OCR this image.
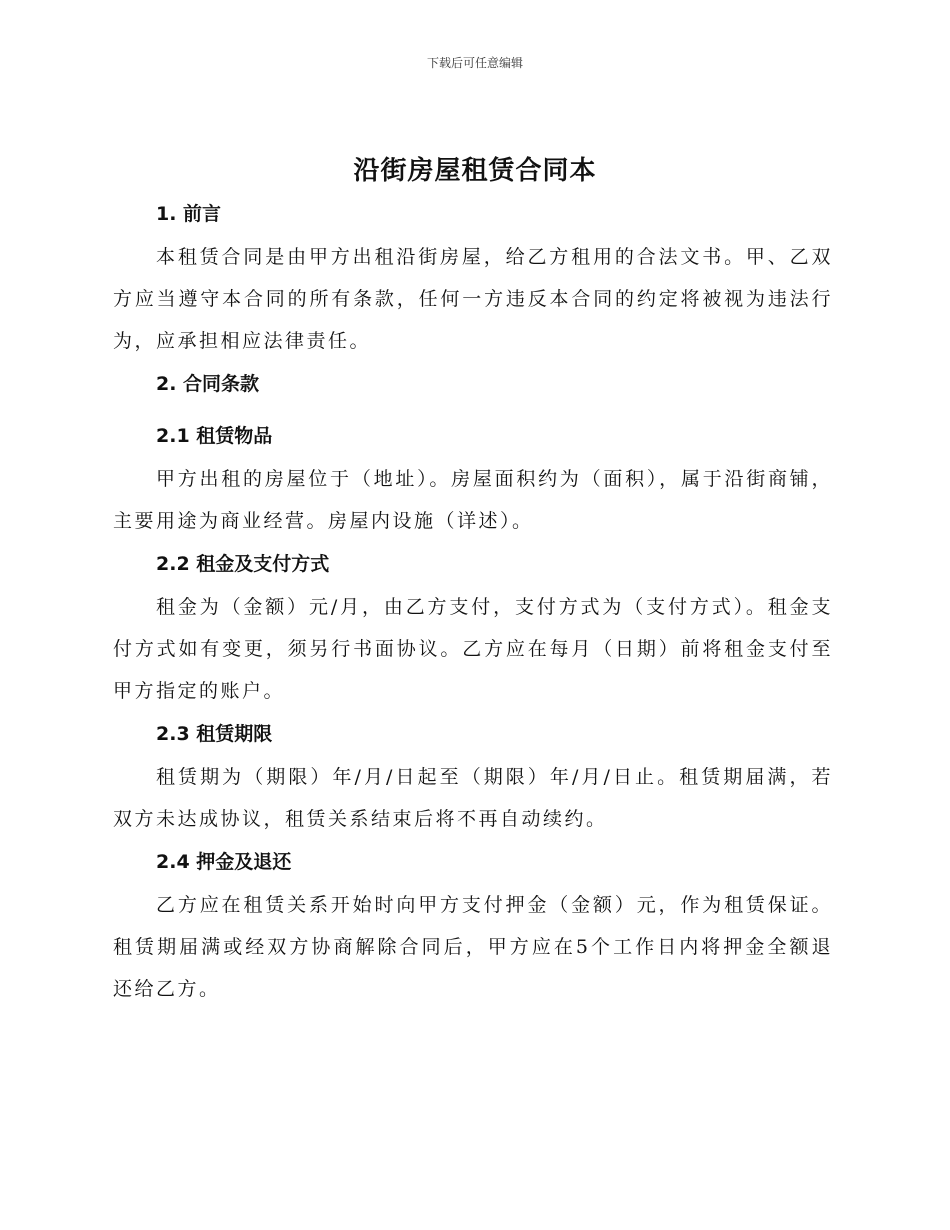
下载后可任意编辑
沿街房屋租赁合同本
1. 前言

本租赁合同是由甲方出租沿街房屋，给乙方租用的合法文书。甲、乙双方应当遵守本合同的所有条款，任何一方违反本合同的约定将被视为违法行为，应承担相应法律责任。

2. 合同条款
2.1 租赁物品

甲方出租的房屋位于（地址）。房屋面积约为（面积），属于沿街商铺，主要用途为商业经营。房屋内设施（详述）。

2.2 租金及支付方式

租金为（金额）元/月，由乙方支付，支付方式为（支付方式）。租金支付方式如有变更，须另行书面协议。乙方应在每月（日期）前将租金支付至甲方指定的账户。

2.3 租赁期限

租赁期为（期限）年/月/日起至（期限）年/月/日止。租赁期届满，若双方未达成协议，租赁关系结束后将不再自动续约。

2.4 押金及退还

乙方应在租赁关系开始时向甲方支付押金（金额）元，作为租赁保证。租赁期届满或经双方协商解除合同后，甲方应在5个工作日内将押金全额退还给乙方。
